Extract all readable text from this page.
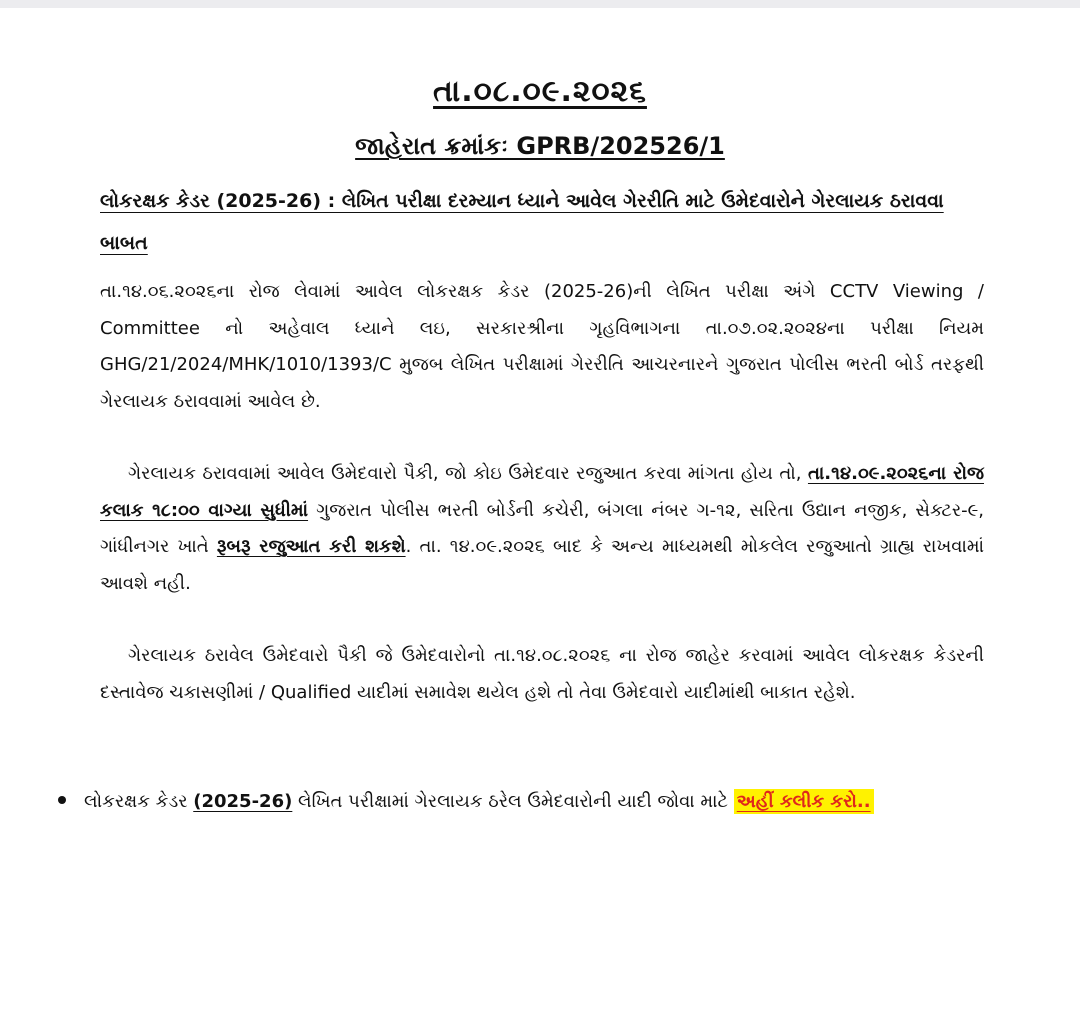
તા.૦૮.૦૯.૨૦૨૬
જાહેરાત ક્રમાંકઃ GPRB/202526/1
લોકરક્ષક કેડર (2025-26) : લેખિત પરીક્ષા દરમ્યાન ધ્યાને આવેલ ગેરરીતિ માટે ઉમેદવારોને ગેરલાયક ઠરાવવા બાબત
તા.૧૪.૦૬.૨૦૨૬ના રોજ લેવામાં આવેલ લોકરક્ષક કેડર (2025-26)ની લેખિત પરીક્ષા અંગે CCTV Viewing / Committee નો અહેવાલ ધ્યાને લઇ, સરકારશ્રીના ગૃહવિભાગના તા.૦૭.૦૨.૨૦૨૪ના પરીક્ષા નિયમ GHG/21/2024/MHK/1010/1393/C મુજબ લેખિત પરીક્ષામાં ગેરરીતિ આચરનારને ગુજરાત પોલીસ ભરતી બોર્ડ તરફથી ગેરલાયક ઠરાવવામાં આવેલ છે.
ગેરલાયક ઠરાવવામાં આવેલ ઉમેદવારો પૈકી, જો કોઇ ઉમેદવાર રજુઆત કરવા માંગતા હોય તો, તા.૧૪.૦૯.૨૦૨૬ના રોજ કલાક ૧૮:૦૦ વાગ્યા સુધીમાં ગુજરાત પોલીસ ભરતી બોર્ડની કચેરી, બંગલા નંબર ગ-૧૨, સરિતા ઉદ્યાન નજીક, સેક્ટર-૯, ગાંધીનગર ખાતે રૂબરૂ રજુઆત કરી શકશે. તા. ૧૪.૦૯.૨૦૨૬ બાદ કે અન્ય માધ્યમથી મોકલેલ રજુઆતો ગ્રાહ્ય રાખવામાં આવશે નહી.
ગેરલાયક ઠરાવેલ ઉમેદવારો પૈકી જે ઉમેદવારોનો તા.૧૪.૦૮.૨૦૨૬ ના રોજ જાહેર કરવામાં આવેલ લોકરક્ષક કેડરની દસ્તાવેજ ચકાસણીમાં / Qualified યાદીમાં સમાવેશ થયેલ હશે તો તેવા ઉમેદવારો યાદીમાંથી બાકાત રહેશે.
લોકરક્ષક કેડર (2025-26) લેખિત પરીક્ષામાં ગેરલાયક ઠરેલ ઉમેદવારોની યાદી જોવા માટે અહીં કલીક કરો..
